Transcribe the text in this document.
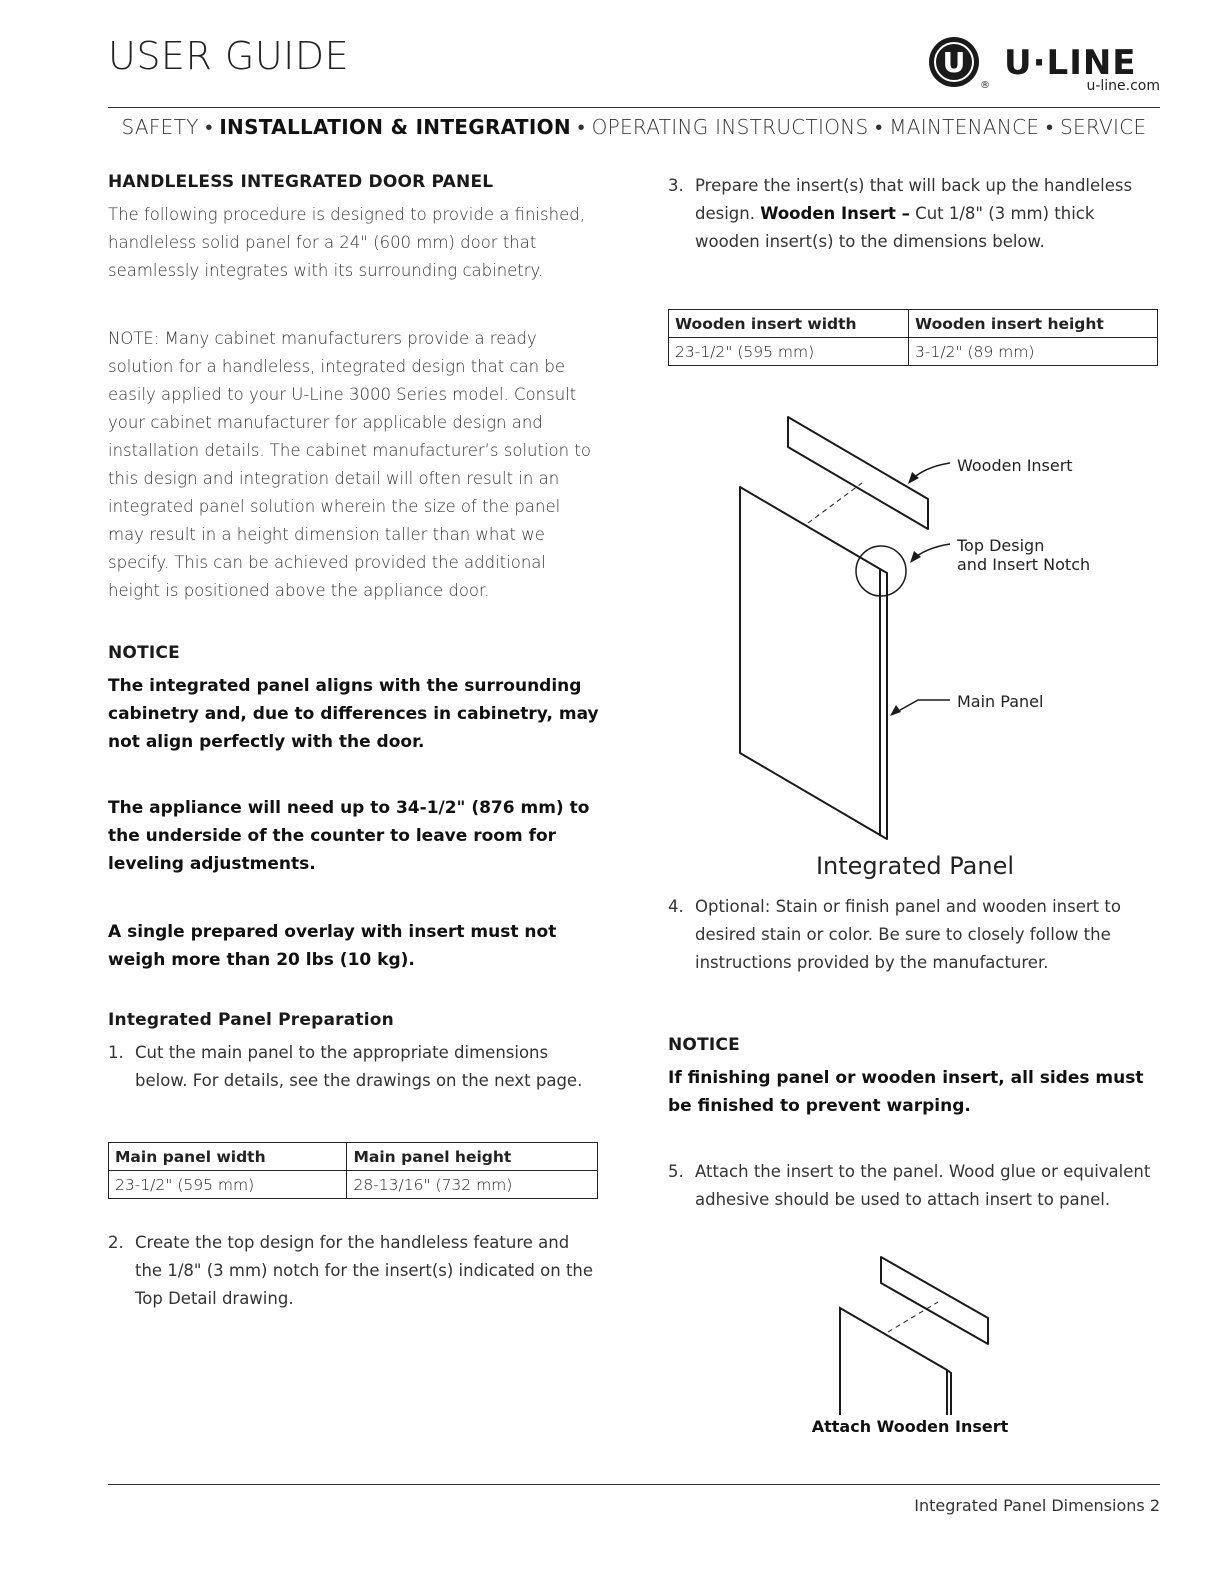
USER GUIDE	U
®
U·LINE
u-line.com
SAFETY • INSTALLATION & INTEGRATION • OPERATING INSTRUCTIONS • MAINTENANCE • SERVICE
HANDLELESS INTEGRATED DOOR PANEL

The following procedure is designed to provide a finished, handleless solid panel for a 24" (600 mm) door that seamlessly integrates with its surrounding cabinetry.

NOTE: Many cabinet manufacturers provide a ready solution for a handleless, integrated design that can be easily applied to your U-Line 3000 Series model. Consult your cabinet manufacturer for applicable design and installation details. The cabinet manufacturer’s solution to this design and integration detail will often result in an integrated panel solution wherein the size of the panel may result in a height dimension taller than what we specify. This can be achieved provided the additional height is positioned above the appliance door.

NOTICE

The integrated panel aligns with the surrounding cabinetry and, due to differences in cabinetry, may not align perfectly with the door.

The appliance will need up to 34-1/2" (876 mm) to the underside of the counter to leave room for leveling adjustments.

A single prepared overlay with insert must not weigh more than 20 lbs (10 kg).

Integrated Panel Preparation
1. Cut the main panel to the appropriate dimensions below. For details, see the drawings on the next page.
Main panel width	Main panel height
23-1/2" (595 mm)	28-13/16" (732 mm)
2. Create the top design for the handleless feature and the 1/8" (3 mm) notch for the insert(s) indicated on the Top Detail drawing.
3. Prepare the insert(s) that will back up the handleless design. Wooden Insert – Cut 1/8" (3 mm) thick wooden insert(s) to the dimensions below.
Wooden insert width	Wooden insert height
23-1/2" (595 mm)	3-1/2" (89 mm)
Wooden Insert
Top Design
and Insert Notch
Main Panel
Integrated Panel
4. Optional: Stain or finish panel and wooden insert to desired stain or color. Be sure to closely follow the instructions provided by the manufacturer.
NOTICE

If finishing panel or wooden insert, all sides must be finished to prevent warping.

5. Attach the insert to the panel. Wood glue or equivalent adhesive should be used to attach insert to panel.
Attach Wooden Insert
Integrated Panel Dimensions 2
